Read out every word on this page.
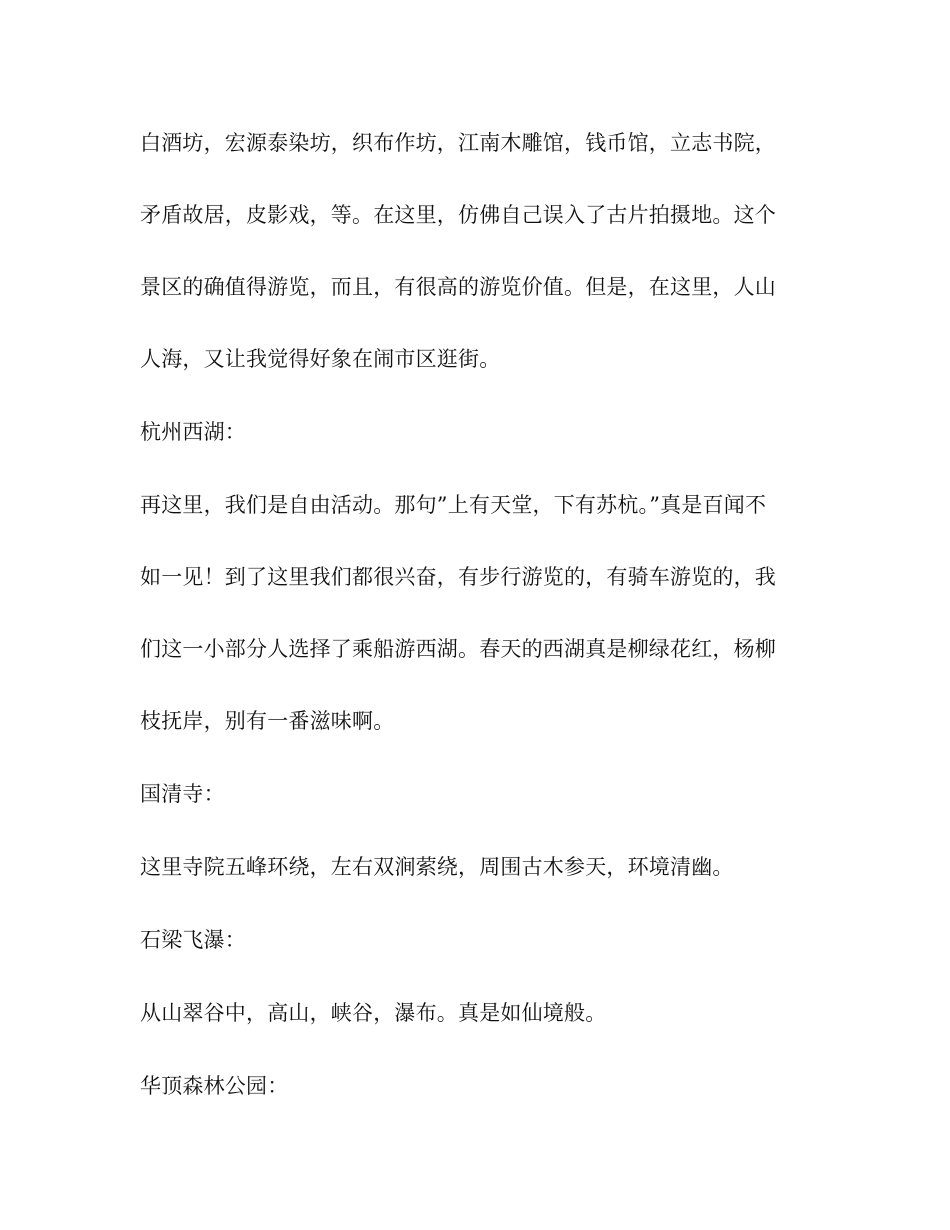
白酒坊，宏源泰染坊，织布作坊，江南木雕馆，钱币馆，立志书院，
矛盾故居，皮影戏，等。在这里，仿佛自己误入了古片拍摄地。这个
景区的确值得游览，而且，有很高的游览价值。但是，在这里，人山
人海，又让我觉得好象在闹市区逛街。
杭州西湖：
再这里，我们是自由活动。那句”上有天堂，下有苏杭。”真是百闻不
如一见！到了这里我们都很兴奋，有步行游览的，有骑车游览的，我
们这一小部分人选择了乘船游西湖。春天的西湖真是柳绿花红，杨柳
枝抚岸，别有一番滋味啊。
国清寺：
这里寺院五峰环绕，左右双涧萦绕，周围古木参天，环境清幽。
石梁飞瀑：
从山翠谷中，高山，峡谷，瀑布。真是如仙境般。
华顶森林公园：
